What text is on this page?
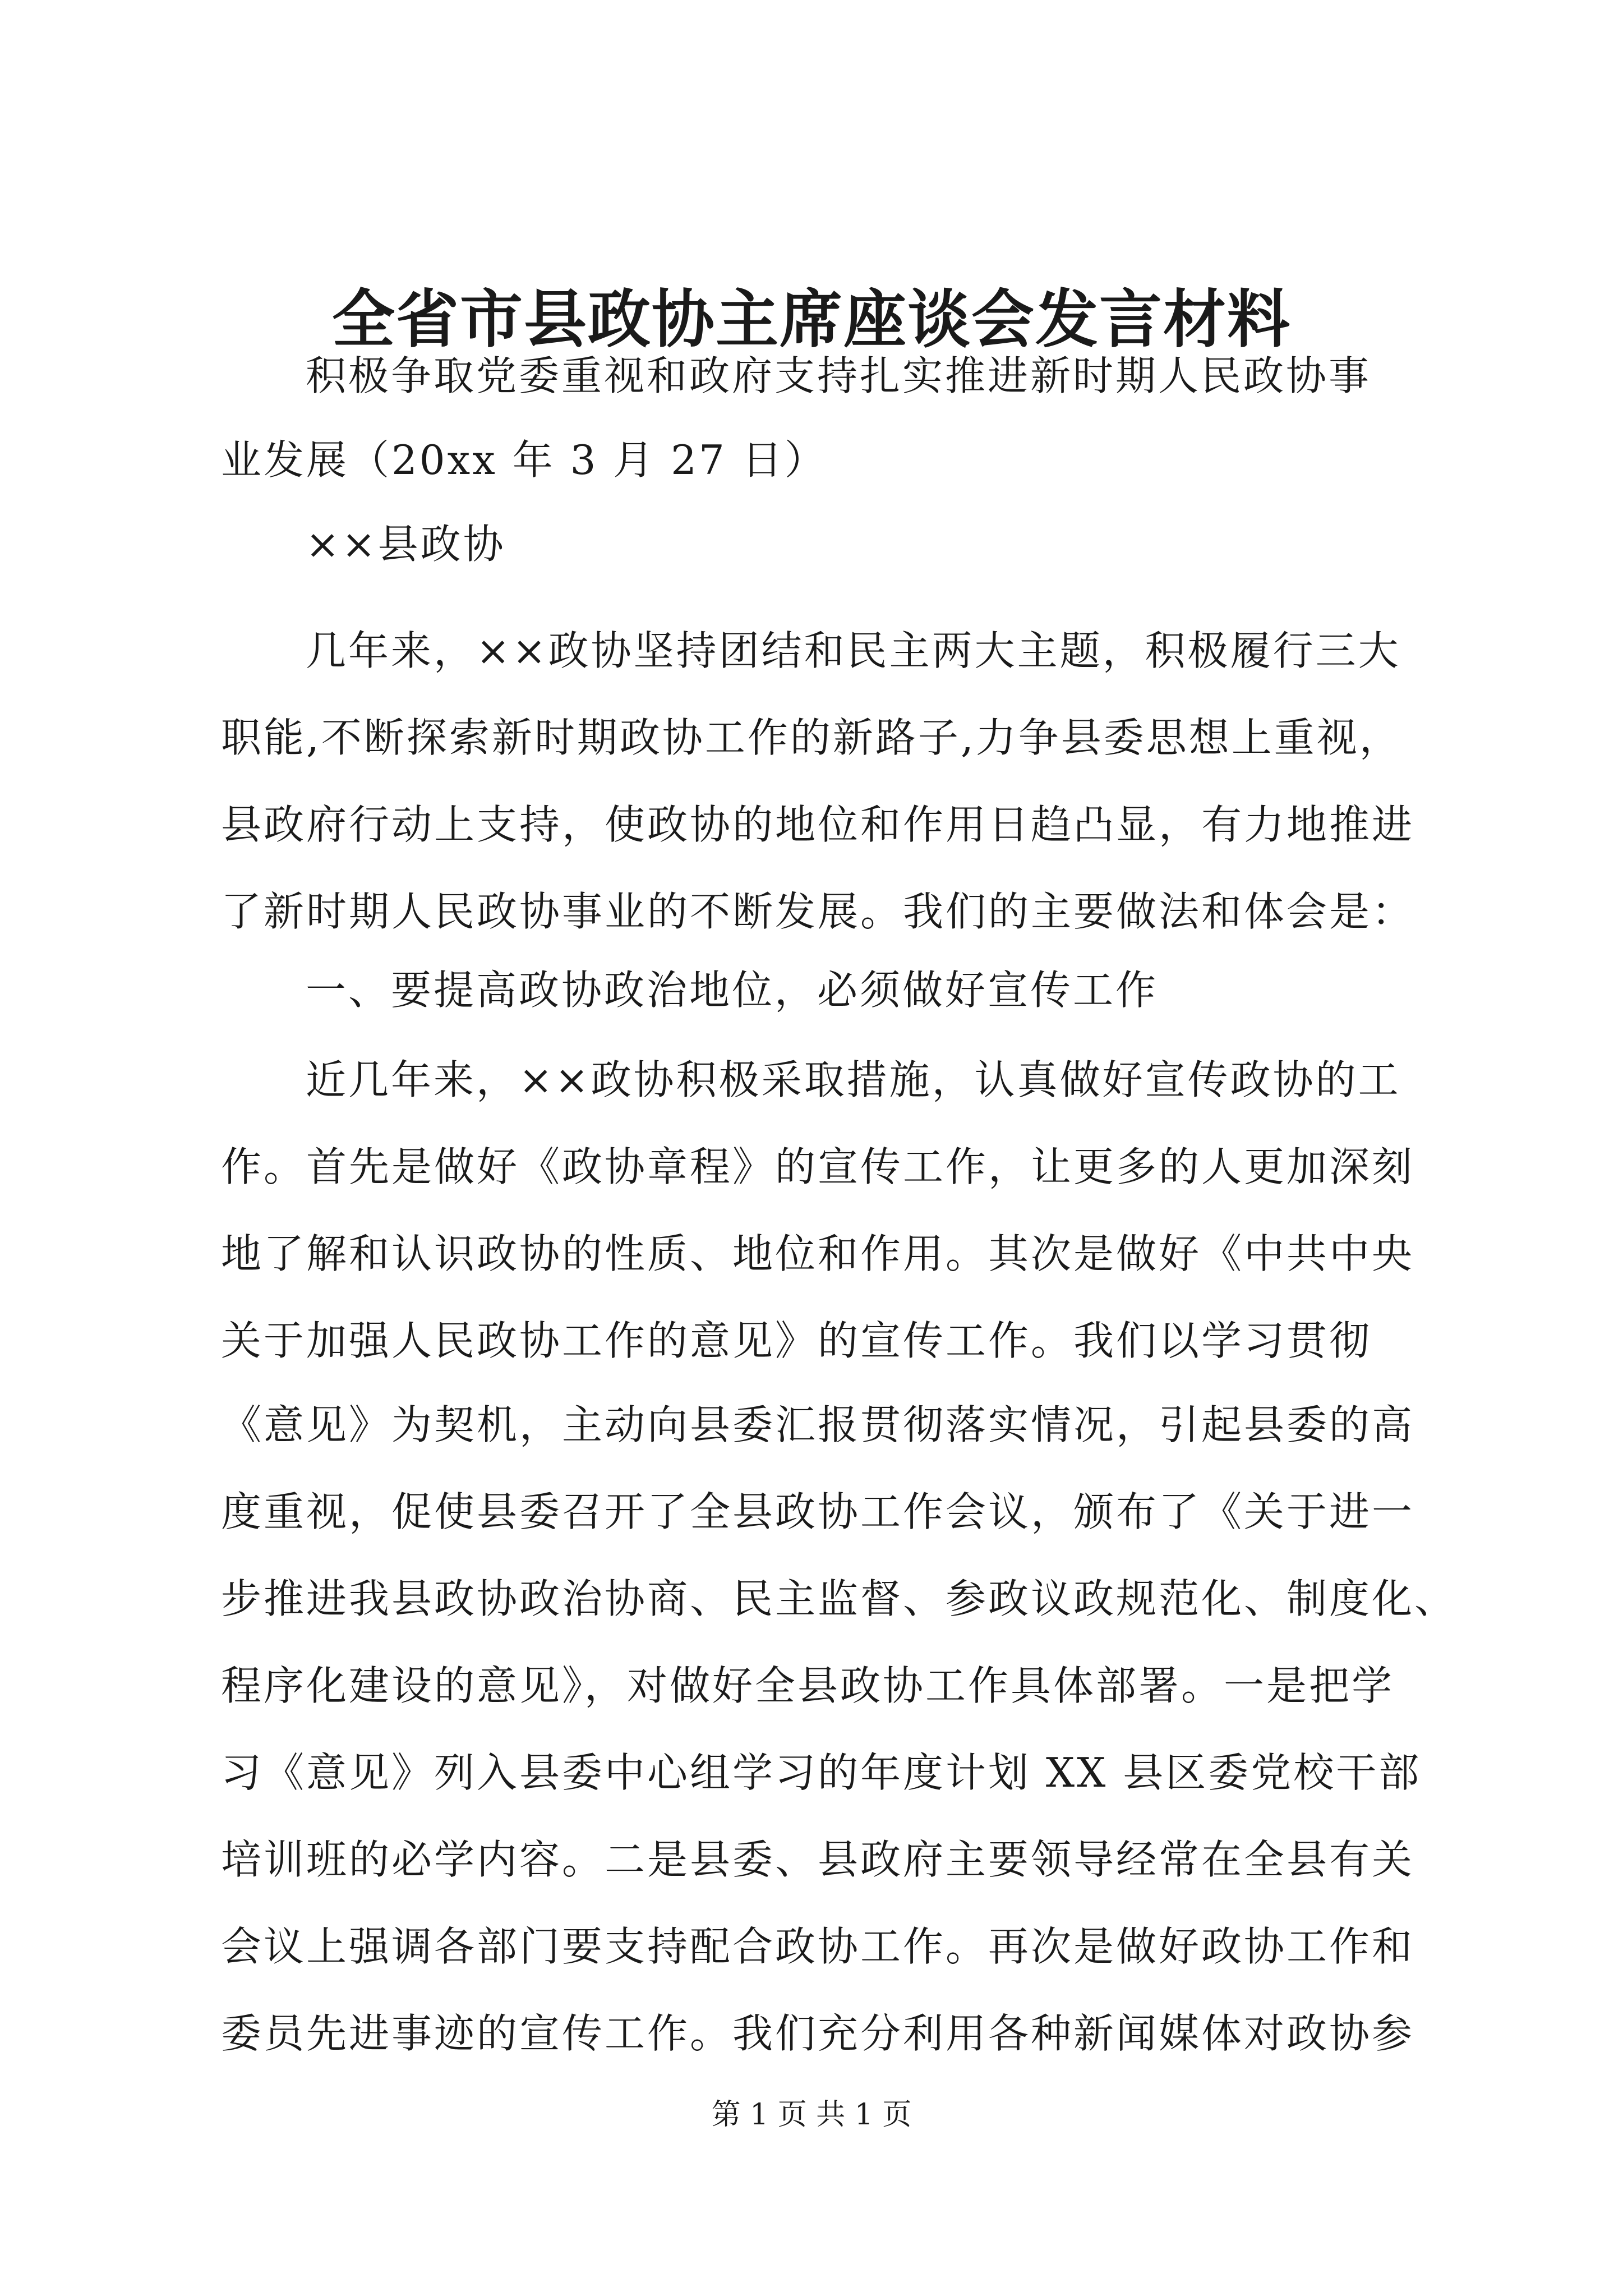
全省市县政协主席座谈会发言材料
积极争取党委重视和政府支持扎实推进新时期人民政协事
业发展（20xx 年 3 月 27 日）
××县政协
几年来，××政协坚持团结和民主两大主题，积极履行三大
职能,不断探索新时期政协工作的新路子,力争县委思想上重视，
县政府行动上支持，使政协的地位和作用日趋凸显，有力地推进
了新时期人民政协事业的不断发展。我们的主要做法和体会是：
一、要提高政协政治地位，必须做好宣传工作
近几年来，××政协积极采取措施，认真做好宣传政协的工
作。首先是做好《政协章程》的宣传工作，让更多的人更加深刻
地了解和认识政协的性质、地位和作用。其次是做好《中共中央
关于加强人民政协工作的意见》的宣传工作。我们以学习贯彻
《意见》为契机，主动向县委汇报贯彻落实情况，引起县委的高
度重视，促使县委召开了全县政协工作会议，颁布了《关于进一
步推进我县政协政治协商、民主监督、参政议政规范化、制度化、
程序化建设的意见》，对做好全县政协工作具体部署。一是把学
习《意见》列入县委中心组学习的年度计划 XX 县区委党校干部
培训班的必学内容。二是县委、县政府主要领导经常在全县有关
会议上强调各部门要支持配合政协工作。再次是做好政协工作和
委员先进事迹的宣传工作。我们充分利用各种新闻媒体对政协参
第 1 页 共 1 页
